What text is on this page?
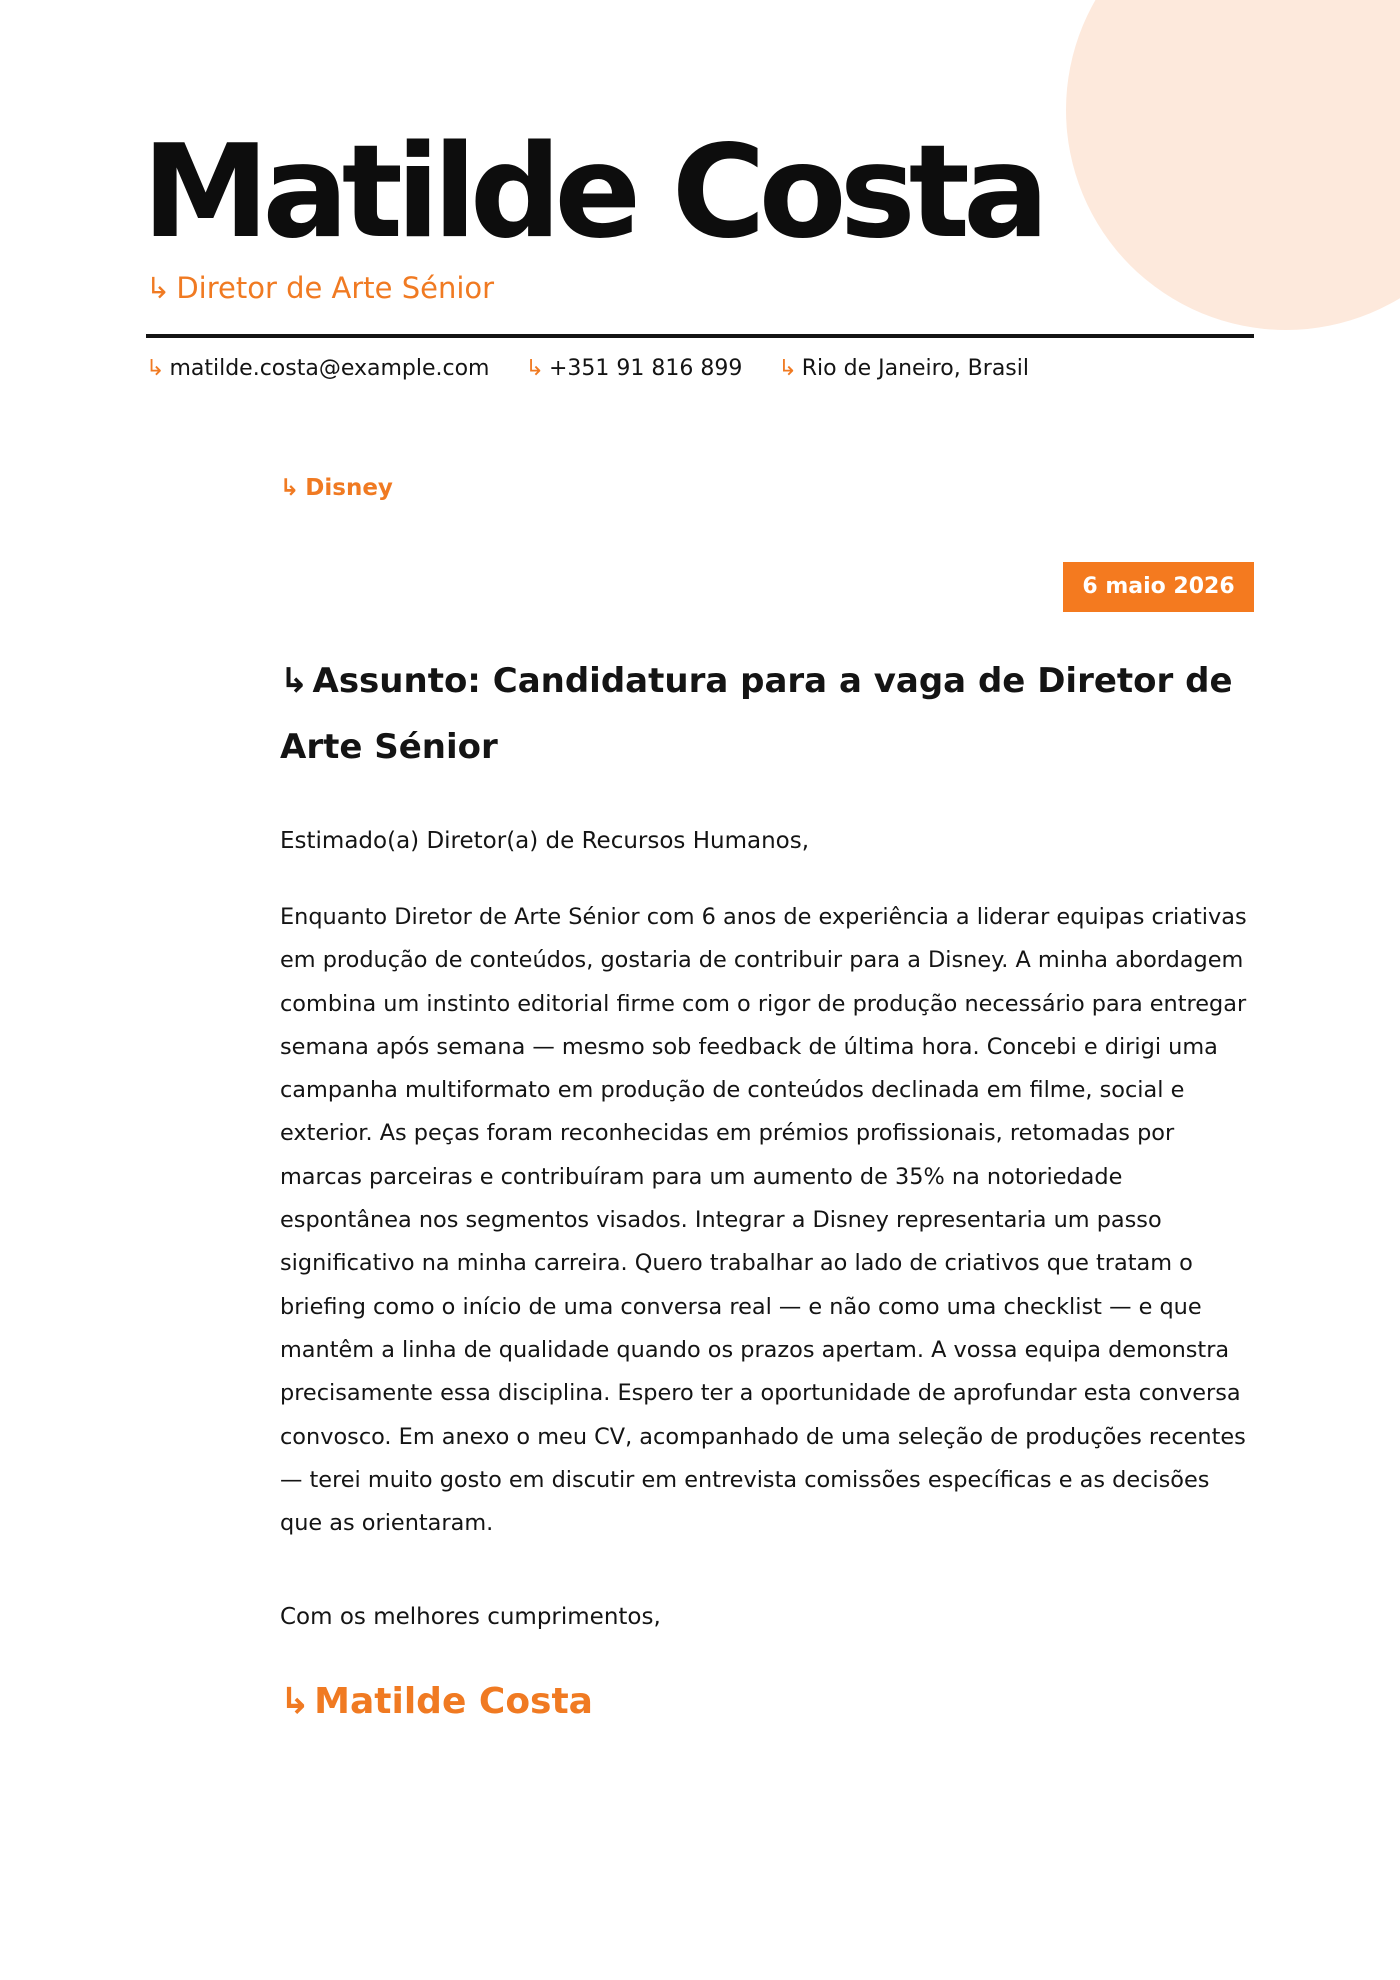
Matilde Costa
↳ Diretor de Arte Sénior
↳ matilde.costa@example.com ↳ +351 91 816 899 ↳ Rio de Janeiro, Brasil
↳ Disney
6 maio 2026
↳ Assunto: Candidatura para a vaga de Diretor de Arte Sénior
Estimado(a) Diretor(a) de Recursos Humanos,

Enquanto Diretor de Arte Sénior com 6 anos de experiência a liderar equipas criativas em produção de conteúdos, gostaria de contribuir para a Disney. A minha abordagem combina um instinto editorial firme com o rigor de produção necessário para entregar semana após semana — mesmo sob feedback de última hora. Concebi e dirigi uma campanha multiformato em produção de conteúdos declinada em filme, social e exterior. As peças foram reconhecidas em prémios profissionais, retomadas por marcas parceiras e contribuíram para um aumento de 35% na notoriedade espontânea nos segmentos visados. Integrar a Disney representaria um passo significativo na minha carreira. Quero trabalhar ao lado de criativos que tratam o briefing como o início de uma conversa real — e não como uma checklist — e que mantêm a linha de qualidade quando os prazos apertam. A vossa equipa demonstra precisamente essa disciplina. Espero ter a oportunidade de aprofundar esta conversa convosco. Em anexo o meu CV, acompanhado de uma seleção de produções recentes — terei muito gosto em discutir em entrevista comissões específicas e as decisões que as orientaram.

Com os melhores cumprimentos,
↳ Matilde Costa
